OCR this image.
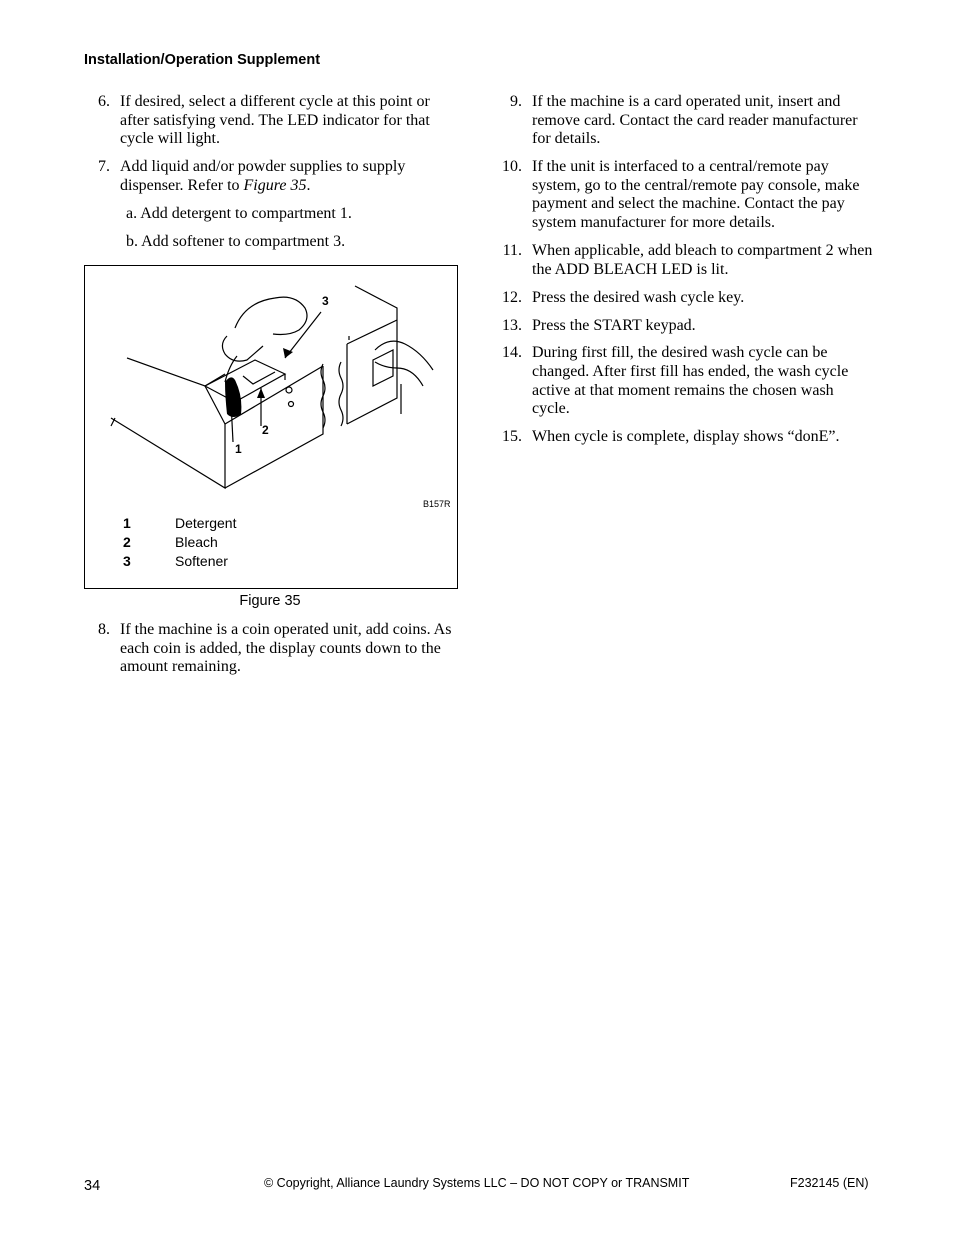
Installation/Operation Supplement
6. If desired, select a different cycle at this point or after satisfying vend. The LED indicator for that cycle will light.
7. Add liquid and/or powder supplies to supply dispenser. Refer to Figure 35.
a. Add detergent to compartment 1.
b. Add softener to compartment 3.
3
2
1
B157R
1	Detergent
2	Bleach
3	Softener
Figure 35
8. If the machine is a coin operated unit, add coins. As each coin is added, the display counts down to the amount remaining.
9. If the machine is a card operated unit, insert and remove card. Contact the card reader manufacturer for details.
10. If the unit is interfaced to a central/remote pay system, go to the central/remote pay console, make payment and select the machine. Contact the pay system manufacturer for more details.
11. When applicable, add bleach to compartment 2 when the ADD BLEACH LED is lit.
12. Press the desired wash cycle key.
13. Press the START keypad.
14. During first fill, the desired wash cycle can be changed. After first fill has ended, the wash cycle active at that moment remains the chosen wash cycle.
15. When cycle is complete, display shows “donE”.
34	© Copyright, Alliance Laundry Systems LLC – DO NOT COPY or TRANSMIT	F232145 (EN)
